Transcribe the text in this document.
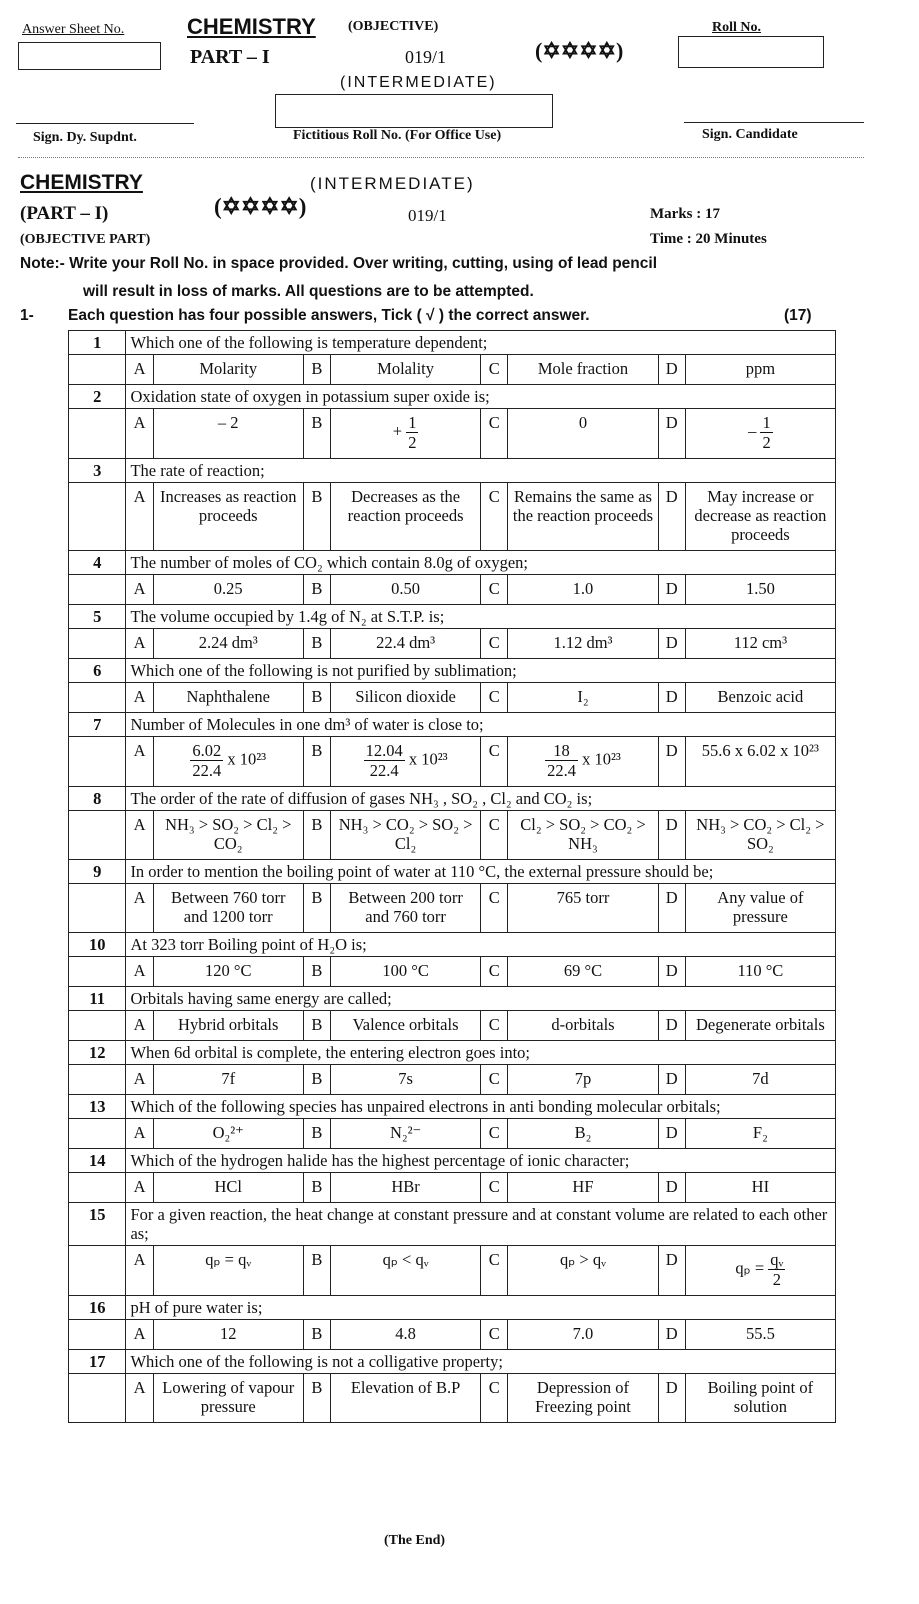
Answer Sheet No.	CHEMISTRY (OBJECTIVE)
PART – I	019/1	(✡✡✡✡)
Roll No.
(INTERMEDIATE)
Sign. Dy. Supdnt.	Fictitious Roll No. (For Office Use)	Sign. Candidate
CHEMISTRY	(INTERMEDIATE)
(PART – I)	(✡✡✡✡)	019/1	Marks : 17
(OBJECTIVE PART)	Time : 20 Minutes
Note:- Write your Roll No. in space provided. Over writing, cutting, using of lead pencil
will result in loss of marks. All questions are to be attempted.
1- Each question has four possible answers, Tick ( √ ) the correct answer.	(17)
1	Which one of the following is temperature dependent;							
	A	Molarity	B	Molality	C	Mole fraction	D	ppm
2	Oxidation state of oxygen in potassium super oxide is;							
	A	– 2	B	+ $\frac{1}{2}$	C	0	D	– $\frac{1}{2}$

3	The rate of reaction;							
	A	Increases as reaction proceeds	B	Decreases as the reaction proceeds	C	Remains the same as the reaction proceeds	D	May increase or decrease as reaction proceeds
4	The number of moles of CO₂ which contain 8.0g of oxygen;							
	A	0.25	B	0.50	C	1.0	D	1.50
5	The volume occupied by 1.4g of N₂ at S.T.P. is;							
	A	2.24 dm³	B	22.4 dm³	C	1.12 dm³	D	112 cm³
6	Which one of the following is not purified by sublimation;							
	A	Naphthalene	B	Silicon dioxide	C	I₂	D	Benzoic acid
7	Number of Molecules in one dm³ of water is close to;							
	A	$\frac{6.02}{22.4}$ x 10²³	B	$\frac{12.04}{22.4}$ x 10²³	C	$\frac{18}{22.4}$ x 10²³	D	55.6 x 6.02 x 10²³
8	The order of the rate of diffusion of gases NH₃ , SO₂ , Cl₂ and CO₂ is;							
	A	NH₃ > SO₂ > Cl₂ > CO₂	B	NH₃ > CO₂ > SO₂ > Cl₂	C	Cl₂ > SO₂ > CO₂ > NH₃	D	NH₃ > CO₂ > Cl₂ > SO₂
9	In order to mention the boiling point of water at 110 °C, the external pressure should be;							
	A	Between 760 torr and 1200 torr	B	Between 200 torr and 760 torr	C	765 torr	D	Any value of pressure
10	At 323 torr Boiling point of H₂O is;							
	A	120 °C	B	100 °C	C	69 °C	D	110 °C
11	Orbitals having same energy are called;							
	A	Hybrid orbitals	B	Valence orbitals	C	d-orbitals	D	Degenerate orbitals
12	When 6d orbital is complete, the entering electron goes into;							
	A	7f	B	7s	C	7p	D	7d
13	Which of the following species has unpaired electrons in anti bonding molecular orbitals;							
	A	O₂²⁺	B	N₂²⁻	C	B₂	D	F₂
14	Which of the hydrogen halide has the highest percentage of ionic character;							
	A	HCl	B	HBr	C	HF	D	HI
15	For a given reaction, the heat change at constant pressure and at constant volume are related to each other as;							
	A	qₚ = qᵥ	B	qₚ < qᵥ	C	qₚ > qᵥ	D	$q_p = \frac{\text{qᵥ}}{2}$

16	pH of pure water is;							
	A	12	B	4.8	C	7.0	D	55.5
17	Which one of the following is not a colligative property;							
	A	Lowering of vapour pressure	B	Elevation of B.P	C	Depression of Freezing point	D	Boiling point of solution
(The End)
